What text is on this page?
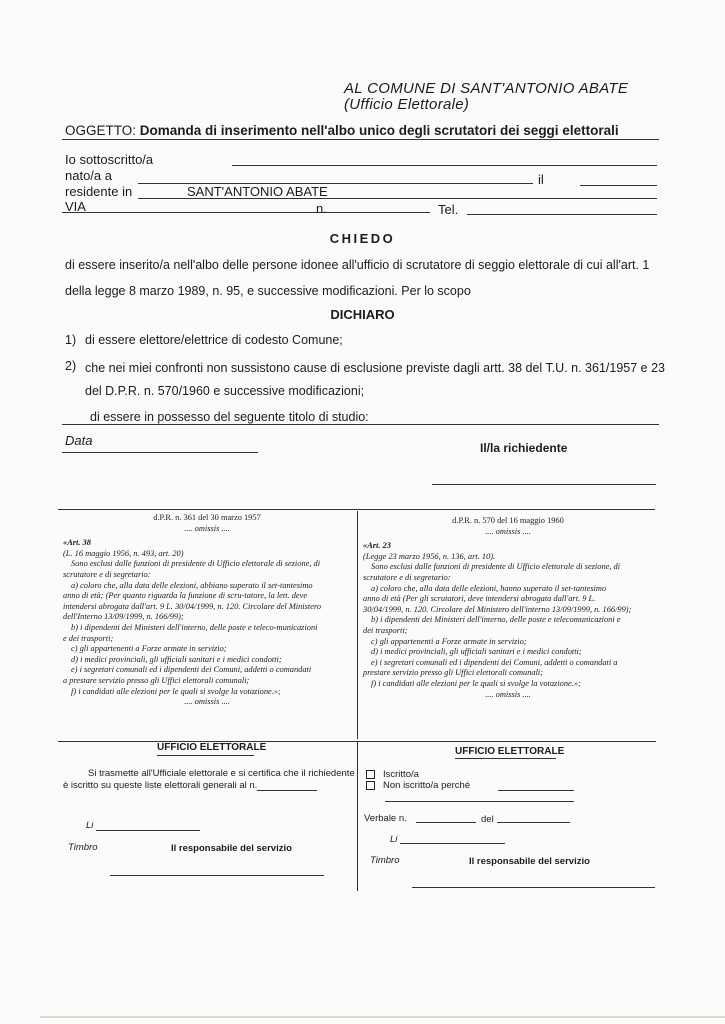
AL COMUNE DI SANT'ANTONIO ABATE
(Ufficio Elettorale)
OGGETTO: Domanda di inserimento nell'albo unico degli scrutatori dei seggi elettorali
Io sottoscritto/a
nato/a a	il
residente in	SANT'ANTONIO ABATE
VIA	n.	Tel.
CHIEDO
di essere inserito/a nell'albo delle persone idonee all'ufficio di scrutatore di seggio elettorale di cui all'art. 1
della legge 8 marzo 1989, n. 95, e successive modificazioni. Per lo scopo
DICHIARO
1) di essere elettore/elettrice di codesto Comune;
2) che nei miei confronti non sussistono cause di esclusione previste dagli artt. 38 del T.U. n. 361/1957 e 23
del D.P.R. n. 570/1960 e successive modificazioni;
di essere in possesso del seguente titolo di studio:
Data	Il/la richiedente
d.P.R. n. 361 del 30 marzo 1957
.... omissis ....
«Art. 38
(L. 16 maggio 1956, n. 493, art. 20)
Sono esclusi dalle funzioni di presidente di Ufficio elettorale di sezione, di
scrutatore e di segretario:
a) coloro che, alla data delle elezioni, abbiano superato il set-tantesimo
anno di età; (Per quanto riguarda la funzione di scru-tatore, la lett. deve
intendersi abrogata dall'art. 9 L. 30/04/1999, n. 120. Circolare del Ministero
dell'Interno 13/09/1999, n. 166/99);
b) i dipendenti dei Ministeri dell'interno, delle poste e teleco-municazioni
e dei trasporti;
c) gli appartenenti a Forze armate in servizio;
d) i medici provinciali, gli ufficiali sanitari e i medici condotti;
e) i segretari comunali ed i dipendenti dei Comuni, addetti o comandati
a prestare servizio presso gli Uffici elettorali comunali;
f) i candidati alle elezioni per le quali si svolge la votazione.»;
.... omissis ....
d.P.R. n. 570 del 16 maggio 1960
.... omissis ....
«Art. 23
(Legge 23 marzo 1956, n. 136, art. 10).
Sono esclusi dalle funzioni di presidente di Ufficio elettorale di sezione, di
scrutatore e di segretario:
a) coloro che, alla data delle elezioni, hanno superato il set-tantesimo
anno di età (Per gli scrutatori, deve intendersi abrogata dall'art. 9 L.
30/04/1999, n. 120. Circolare del Ministero dell'interno 13/09/1999, n. 166/99);
b) i dipendenti dei Ministeri dell'interno, delle poste e telecomunicazioni e
dei trasporti;
c) gli appartenenti a Forze armate in servizio;
d) i medici provinciali, gli ufficiali sanitari e i medici condotti;
e) i segretari comunali ed i dipendenti dei Comuni, addetti o comandati a
prestare servizio presso gli Uffici elettorali comunali;
f) i candidati alle elezioni per le quali si svolge la votazione.»;
.... omissis ....
UFFICIO ELETTORALE
Si trasmette all'Ufficiale elettorale e si certifica che il richiedente
è iscritto su queste liste elettorali generali al n.
Li
Timbro	Il responsabile del servizio
UFFICIO ELETTORALE
Iscritto/a
Non iscritto/a perché
Verbale n.	del
Li
Timbro	Il responsabile del servizio
